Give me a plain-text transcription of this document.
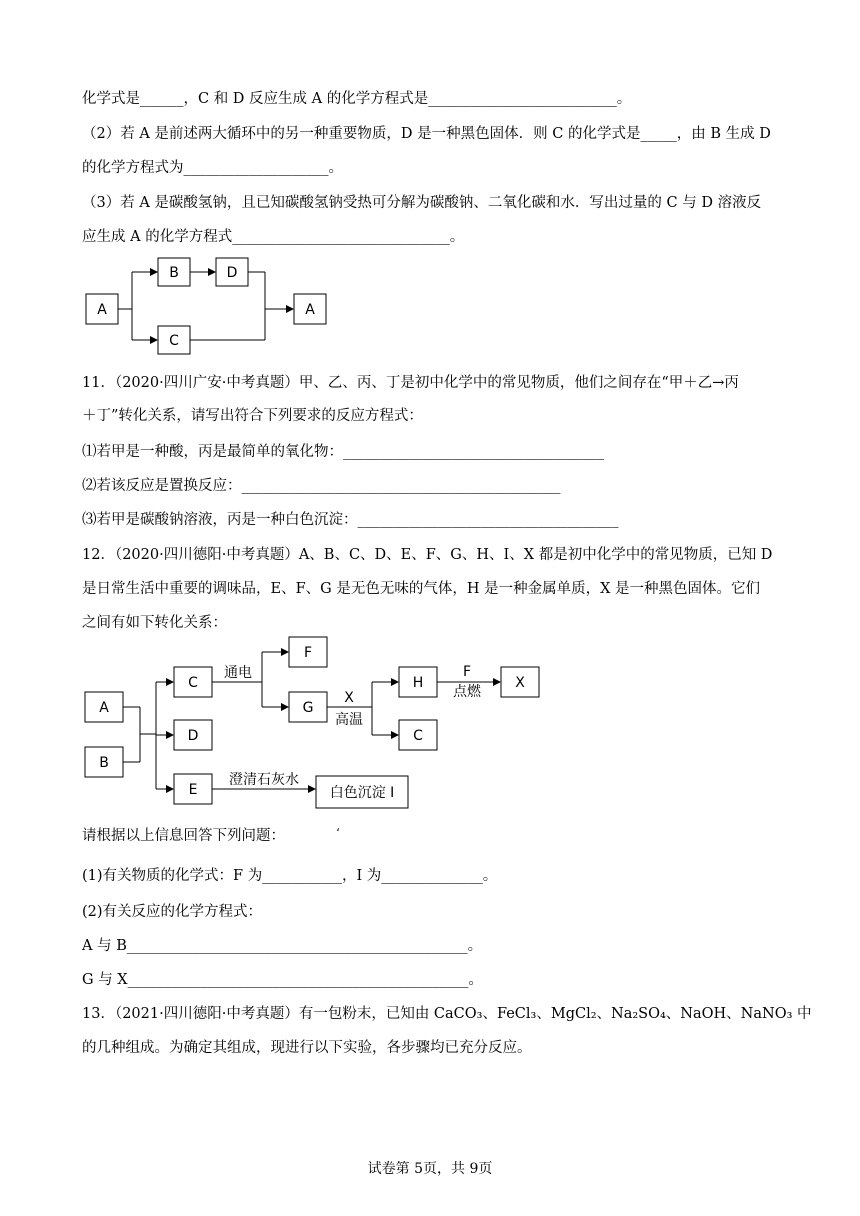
化学式是______，C 和 D 反应生成 A 的化学方程式是__________________________。
（2）若 A 是前述两大循环中的另一种重要物质，D 是一种黑色固体．则 C 的化学式是_____，由 B 生成 D
的化学方程式为____________________。
（3）若 A 是碳酸氢钠，且已知碳酸氢钠受热可分解为碳酸钠、二氧化碳和水．写出过量的 C 与 D 溶液反
应生成 A 的化学方程式______________________________。
A
B	D
C
A
11．（2020·四川广安·中考真题）甲、乙、丙、丁是初中化学中的常见物质，他们之间存在“甲＋乙→丙
＋丁”转化关系，请写出符合下列要求的反应方程式：
⑴若甲是一种酸，丙是最简单的氧化物：____________________________________
⑵若该反应是置换反应：____________________________________________
⑶若甲是碳酸钠溶液，丙是一种白色沉淀：____________________________________
12．（2020·四川德阳·中考真题）A、B、C、D、E、F、G、H、I、X 都是初中化学中的常见物质，已知 D
是日常生活中重要的调味品，E、F、G 是无色无味的气体，H 是一种金属单质，X 是一种黑色固体。它们
之间有如下转化关系：
A
B
C
D
E
F
G
H
C
X
白色沉淀 I
通电
X
高温
F
点燃
澄清石灰水
请根据以上信息回答下列问题：	‘
(1)有关物质的化学式：F 为___________，I 为______________。
(2)有关反应的化学方程式：
A 与 B_______________________________________________。
G 与 X_______________________________________________。
13．（2021·四川德阳·中考真题）有一包粉末，已知由 CaCO₃、FeCl₃、MgCl₂、Na₂SO₄、NaOH、NaNO₃ 中
的几种组成。为确定其组成，现进行以下实验，各步骤均已充分反应。
试卷第 5页，共 9页
